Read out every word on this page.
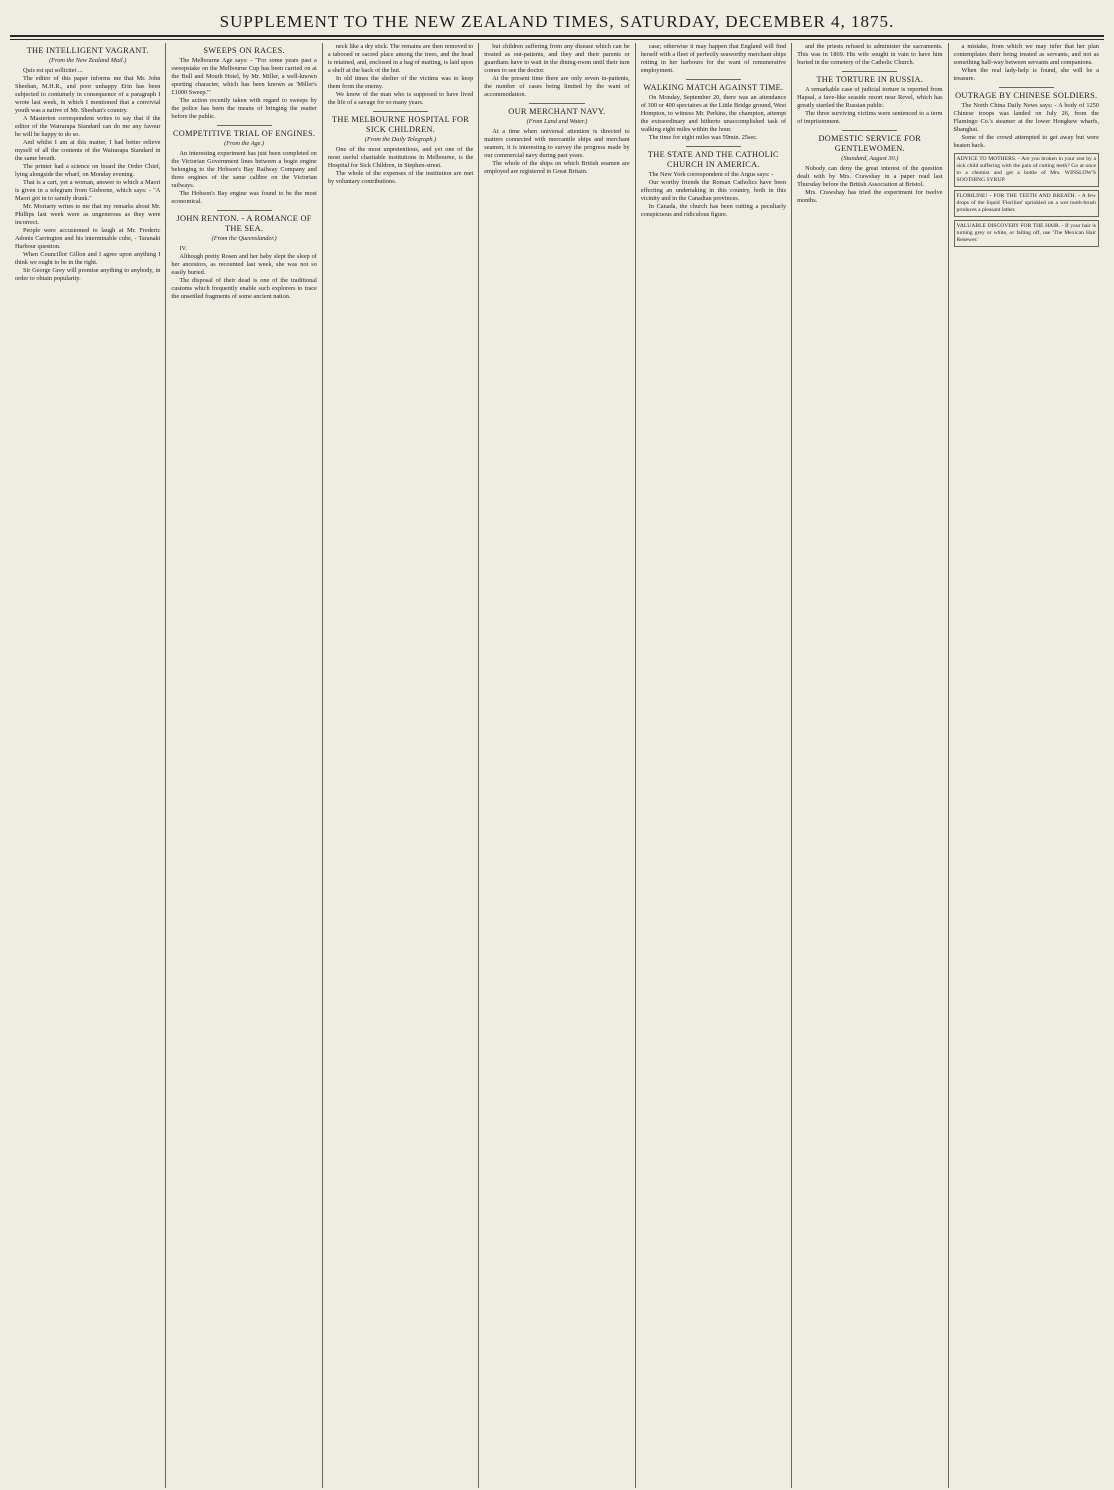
SUPPLEMENT TO THE NEW ZEALAND TIMES, SATURDAY, DECEMBER 4, 1875.
THE INTELLIGENT VAGRANT.
(From the New Zealand Mail.)

Quis est qui sollicitet ...

The editor of this paper informs me that Mr. John Sheehan, M.H.R., and poor unhappy Erin has been subjected to contumely in consequence of a paragraph I wrote last week, in which I mentioned that a convivial youth was a native of Mr. Sheehan's country.

A Masterton correspondent writes to say that if the editor of the Wairarapa Standard can do me any favour he will be happy to do so.

And whilst I am at this matter, I had better relieve myself of all the contents of the Wairarapa Standard in the same breath.

The printer had a science on board the Order Chief, lying alongside the wharf, on Monday evening.

That is a cart, yet a woman, answer to which a Maori is given in a telegram from Gisborne, which says: - "A Maori got in to saintly drunk."

Mr. Moriarty writes to me that my remarks about Mr. Phillips last week were as ungenerous as they were incorrect.

People were accustomed to laugh at Mr. Frederic Adonis Carrington and his interminable cube, - Taranaki Harbour question.

When Councillor Gillon and I agree upon anything I think we ought to be in the right.

Sir George Grey will promise anything to anybody, in order to obtain popularity.

SWEEPS ON RACES.

The Melbourne Age says: - "For some years past a sweepstake on the Melbourne Cup has been carried on at the Bull and Mouth Hotel, by Mr. Miller, a well-known sporting character, which has been known as 'Miller's £1000 Sweep.'"

The action recently taken with regard to sweeps by the police has been the means of bringing the matter before the public.

COMPETITIVE TRIAL OF ENGINES.
(From the Age.)

An interesting experiment has just been completed on the Victorian Government lines between a bogie engine belonging to the Hobson's Bay Railway Company and three engines of the same calibre on the Victorian railways.

The Hobson's Bay engine was found to be the most economical.

JOHN RENTON. - A ROMANCE OF THE SEA.
(From the Queenslander.)

IV.

Although pretty Rosen and her baby slept the sleep of her ancestors, as recounted last week, she was not so easily buried.

The disposal of their dead is one of the traditional customs which frequently enable such explorers to trace the unsettled fragments of some ancient nation.

neck like a dry stick. The remains are then removed to a tabooed or sacred place among the trees, and the head is retained, and, enclosed in a bag of matting, is laid upon a shelf at the back of the hut.

In old times the shelter of the victims was to keep them from the enemy.

We know of the man who is supposed to have lived the life of a savage for so many years.

THE MELBOURNE HOSPITAL FOR SICK CHILDREN.
(From the Daily Telegraph.)

One of the most unpretentious, and yet one of the most useful charitable institutions in Melbourne, is the Hospital for Sick Children, in Stephen-street.

The whole of the expenses of the institution are met by voluntary contributions.

but children suffering from any disease which can be treated as out-patients, and they and their parents or guardians have to wait in the dining-room until their turn comes to see the doctor.

At the present time there are only seven in-patients, the number of cases being limited by the want of accommodation.

OUR MERCHANT NAVY.
(From Land and Water.)

At a time when universal attention is directed to matters connected with mercantile ships and merchant seamen, it is interesting to survey the progress made by our commercial navy during past years.

The whole of the ships on which British seamen are employed are registered in Great Britain.

case; otherwise it may happen that England will find herself with a fleet of perfectly seaworthy merchant ships rotting in her harbours for the want of remunerative employment.

WALKING MATCH AGAINST TIME.

On Monday, September 20, there was an attendance of 300 or 400 spectators at the Little Bridge ground, West Hompton, to witness Mr. Perkins, the champion, attempt the extraordinary and hitherto unaccomplished task of walking eight miles within the hour.

The time for eight miles was 59min. 25sec.

THE STATE AND THE CATHOLIC CHURCH IN AMERICA.

The New York correspondent of the Argus says: -

Our worthy friends the Roman Catholics have been effecting an undertaking in this country, both in this vicinity and in the Canadian provinces.

In Canada, the church has been cutting a peculiarly conspicuous and ridiculous figure.

and the priests refused to administer the sacraments. This was in 1869. His wife sought in vain to have him buried in the cemetery of the Catholic Church.

THE TORTURE IN RUSSIA.

A remarkable case of judicial torture is reported from Hapsal, a fave-like seaside resort near Revel, which has greatly startled the Russian public.

The three surviving victims were sentenced to a term of imprisonment.

DOMESTIC SERVICE FOR GENTLEWOMEN.
(Standard, August 30.)

Nobody can deny the great interest of the question dealt with by Mrs. Crawshay in a paper read last Thursday before the British Association at Bristol.

Mrs. Crawshay has tried the experiment for twelve months.

a mistake, from which we may infer that her plan contemplates their being treated as servants, and not as something half-way between servants and companions.

When the real lady-help is found, she will be a treasure.

OUTRAGE BY CHINESE SOLDIERS.

The North China Daily News says: - A body of 1250 Chinese troops was landed on July 26, from the Flamingo Co.'s steamer at the lower Hongkew wharfs, Shanghai.

Some of the crowd attempted to get away but were beaten back.

ADVICE TO MOTHERS. - Are you broken in your rest by a sick child suffering with the pain of cutting teeth? Go at once to a chemist and get a bottle of Mrs. WINSLOW'S SOOTHING SYRUP.
FLORILINE! - FOR THE TEETH AND BREATH. - A few drops of the liquid 'Floriline' sprinkled on a wet tooth-brush produces a pleasant lather.
VALUABLE DISCOVERY FOR THE HAIR. - If your hair is turning grey or white, or falling off, use 'The Mexican Hair Renewer.'
